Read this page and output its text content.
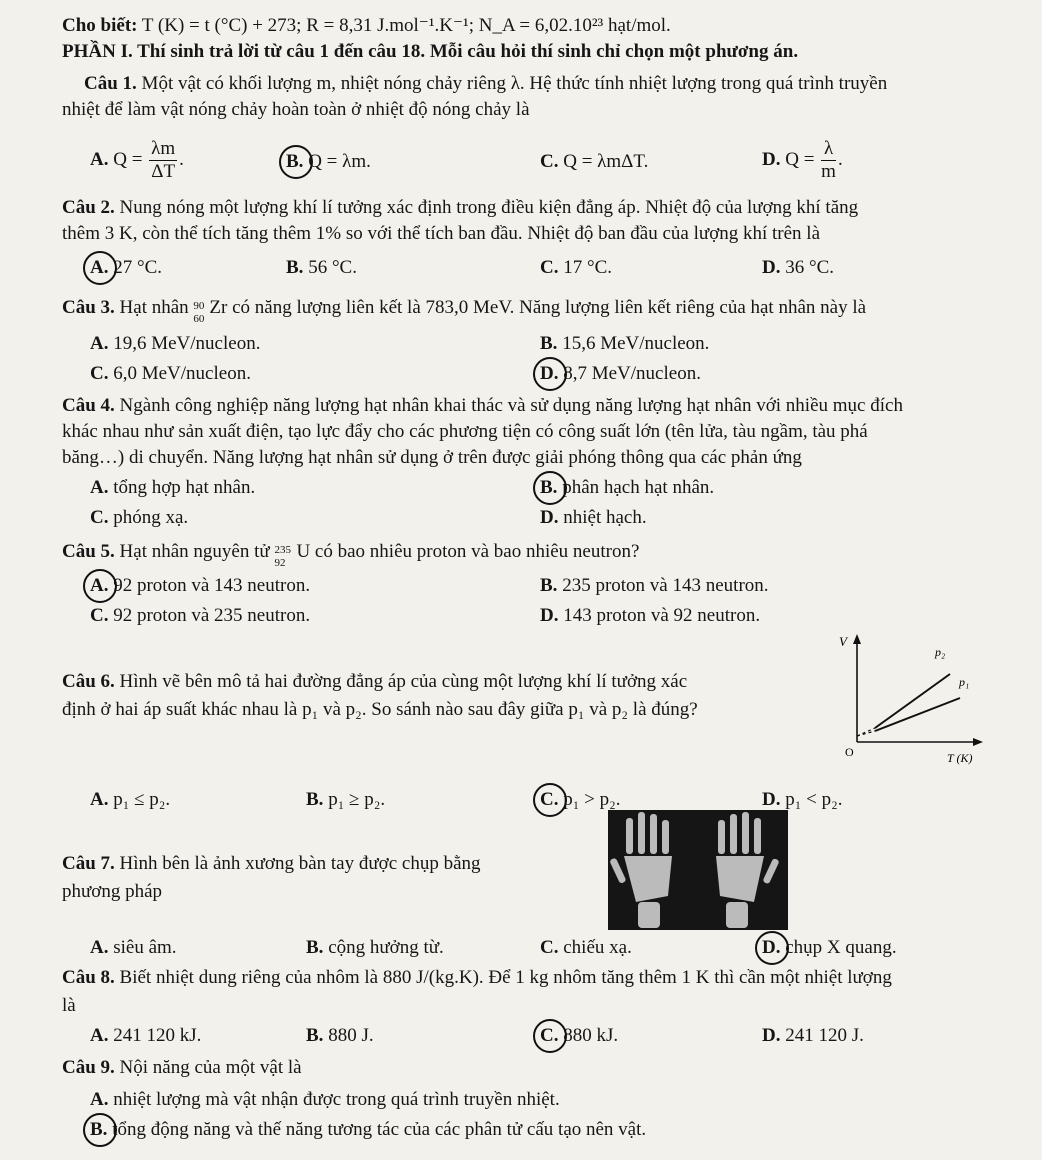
Cho biết: T (K) = t (°C) + 273; R = 8,31 J.mol⁻¹.K⁻¹; N_A = 6,02.10²³ hạt/mol.
PHẦN I. Thí sinh trả lời từ câu 1 đến câu 18. Mỗi câu hỏi thí sinh chỉ chọn một phương án.
Câu 1. Một vật có khối lượng m, nhiệt nóng chảy riêng λ. Hệ thức tính nhiệt lượng trong quá trình truyền
nhiệt để làm vật nóng chảy hoàn toàn ở nhiệt độ nóng chảy là
A. $Q = \frac{\lambda m}{\Delta T}$ .	B. Q = λm.	C. Q = λmΔT.	D. $Q = \frac{\lambda}{m}$ .
Câu 2. Nung nóng một lượng khí lí tưởng xác định trong điều kiện đẳng áp. Nhiệt độ của lượng khí tăng
thêm 3 K, còn thể tích tăng thêm 1% so với thể tích ban đầu. Nhiệt độ ban đầu của lượng khí trên là
A. 27 °C.	B. 56 °C.	C. 17 °C.	D. 36 °C.
Câu 3. Hạt nhân 90
60
Zr có năng lượng liên kết là 783,0 MeV. Năng lượng liên kết riêng của hạt nhân này là
A. 19,6 MeV/nucleon.	B. 15,6 MeV/nucleon.
C. 6,0 MeV/nucleon.	D. 8,7 MeV/nucleon.
Câu 4. Ngành công nghiệp năng lượng hạt nhân khai thác và sử dụng năng lượng hạt nhân với nhiều mục đích
khác nhau như sản xuất điện, tạo lực đẩy cho các phương tiện có công suất lớn (tên lửa, tàu ngầm, tàu phá
băng…) di chuyển. Năng lượng hạt nhân sử dụng ở trên được giải phóng thông qua các phản ứng
A. tổng hợp hạt nhân.	B. phân hạch hạt nhân.
C. phóng xạ.	D. nhiệt hạch.
Câu 5. Hạt nhân nguyên tử 235
92
U có bao nhiêu proton và bao nhiêu neutron?
A. 92 proton và 143 neutron.	B. 235 proton và 143 neutron.
C. 92 proton và 235 neutron.	D. 143 proton và 92 neutron.
V
O	T (K)
p₂
p₁
Câu 6. Hình vẽ bên mô tả hai đường đẳng áp của cùng một lượng khí lí tưởng xác
định ở hai áp suất khác nhau là p₁ và p₂. So sánh nào sau đây giữa p₁ và p₂ là đúng?
A. p₁ ≤ p₂.	B. p₁ ≥ p₂.	C. p₁ > p₂.	D. p₁ < p₂.
Câu 7. Hình bên là ảnh xương bàn tay được chụp bằng
phương pháp
A. siêu âm.	B. cộng hưởng từ.	C. chiếu xạ.	D. chụp X quang.
Câu 8. Biết nhiệt dung riêng của nhôm là 880 J/(kg.K). Để 1 kg nhôm tăng thêm 1 K thì cần một nhiệt lượng
là
A. 241 120 kJ.	B. 880 J.	C. 880 kJ.	D. 241 120 J.
Câu 9. Nội năng của một vật là
A. nhiệt lượng mà vật nhận được trong quá trình truyền nhiệt.
B. tổng động năng và thế năng tương tác của các phân tử cấu tạo nên vật.
